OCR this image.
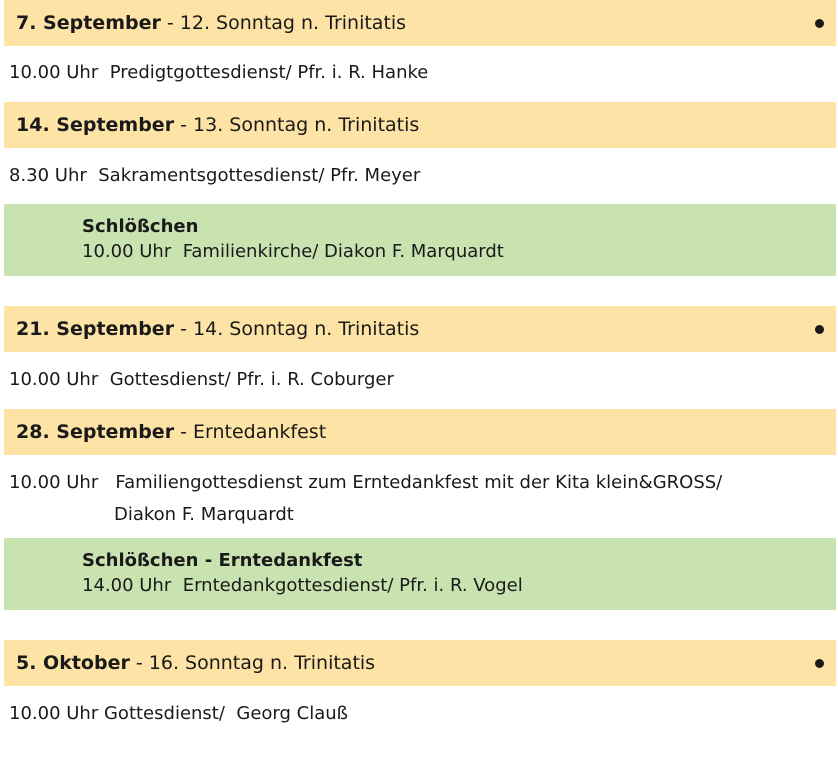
7. September - 12. Sonntag n. Trinitatis
10.00 Uhr Predigtgottesdienst/ Pfr. i. R. Hanke
14. September - 13. Sonntag n. Trinitatis
8.30 Uhr Sakramentsgottesdienst/ Pfr. Meyer
Schlößchen
10.00 Uhr Familienkirche/ Diakon F. Marquardt
21. September - 14. Sonntag n. Trinitatis
10.00 Uhr Gottesdienst/ Pfr. i. R. Coburger
28. September - Erntedankfest
10.00 Uhr Familiengottesdienst zum Erntedankfest mit der Kita klein&GROSS/
Diakon F. Marquardt
Schlößchen - Erntedankfest
14.00 Uhr Erntedankgottesdienst/ Pfr. i. R. Vogel
5. Oktober - 16. Sonntag n. Trinitatis
10.00 Uhr Gottesdienst/  Georg Clauß
